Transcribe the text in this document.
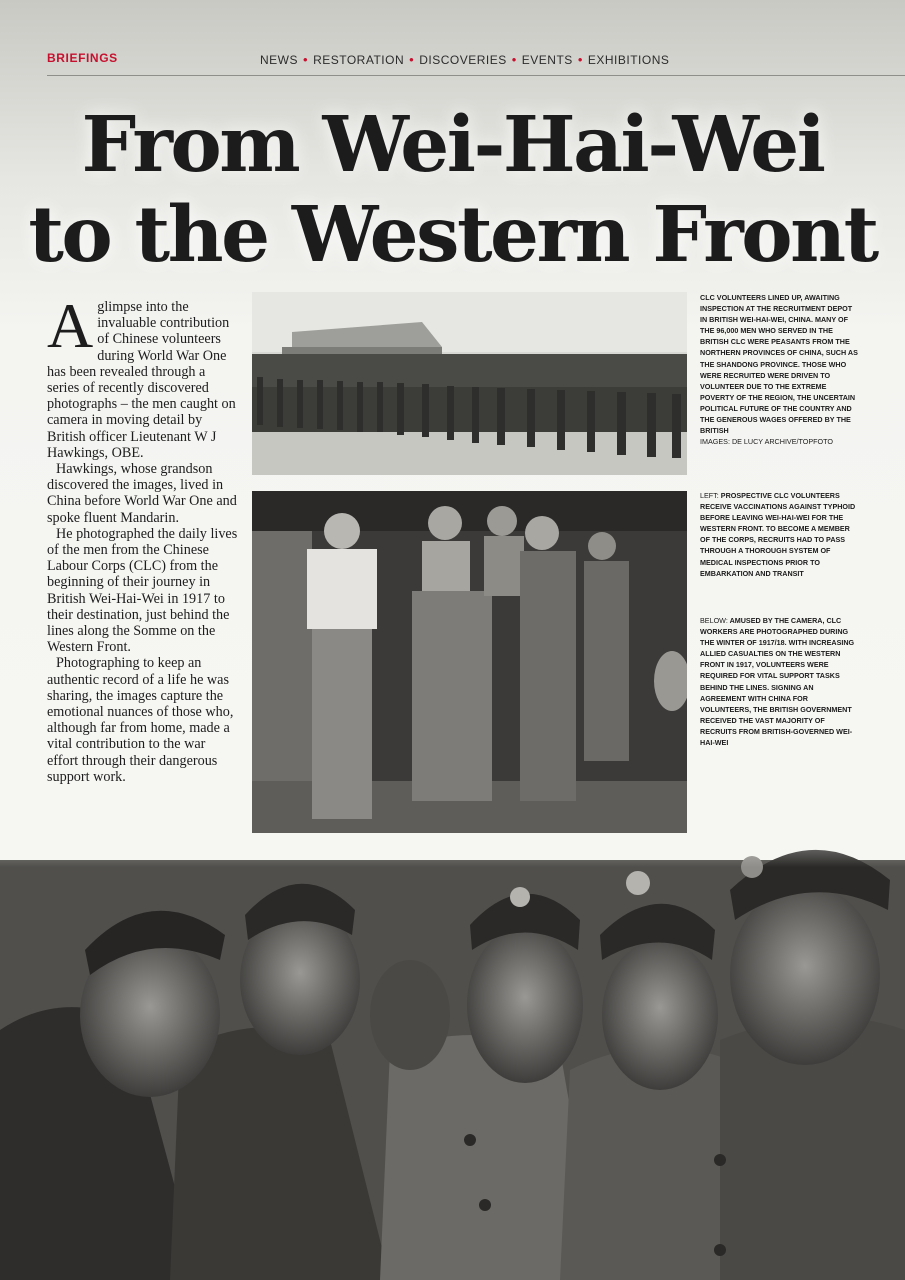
BRIEFINGS	NEWS • RESTORATION • DISCOVERIES • EVENTS • EXHIBITIONS
From Wei-Hai-Wei
to the Western Front

Aglimpse into the invaluable contribution of Chinese volunteers during World War One has been revealed through a series of recently discovered photographs – the men caught on camera in moving detail by British officer Lieutenant W J Hawkings, OBE.

Hawkings, whose grandson discovered the images, lived in China before World War One and spoke fluent Mandarin.

He photographed the daily lives of the men from the Chinese Labour Corps (CLC) from the beginning of their journey in British Wei-Hai-Wei in 1917 to their destination, just behind the lines along the Somme on the Western Front.

Photographing to keep an authentic record of a life he was sharing, the images capture the emotional nuances of those who, although far from home, made a vital contribution to the war effort through their dangerous support work.

CLC VOLUNTEERS LINED UP, AWAITING INSPECTION AT THE RECRUITMENT DEPOT IN BRITISH WEI-HAI-WEI, CHINA. MANY OF THE 96,000 MEN WHO SERVED IN THE BRITISH CLC WERE PEASANTS FROM THE NORTHERN PROVINCES OF CHINA, SUCH AS THE SHANDONG PROVINCE. THOSE WHO WERE RECRUITED WERE DRIVEN TO VOLUNTEER DUE TO THE EXTREME POVERTY OF THE REGION, THE UNCERTAIN POLITICAL FUTURE OF THE COUNTRY AND THE GENEROUS WAGES OFFERED BY THE BRITISH
IMAGES: DE LUCY ARCHIVE/TOPFOTO
LEFT: PROSPECTIVE CLC VOLUNTEERS RECEIVE VACCINATIONS AGAINST TYPHOID BEFORE LEAVING WEI-HAI-WEI FOR THE WESTERN FRONT. TO BECOME A MEMBER OF THE CORPS, RECRUITS HAD TO PASS THROUGH A THOROUGH SYSTEM OF MEDICAL INSPECTIONS PRIOR TO EMBARKATION AND TRANSIT
BELOW: AMUSED BY THE CAMERA, CLC WORKERS ARE PHOTOGRAPHED DURING THE WINTER OF 1917/18. WITH INCREASING ALLIED CASUALTIES ON THE WESTERN FRONT IN 1917, VOLUNTEERS WERE REQUIRED FOR VITAL SUPPORT TASKS BEHIND THE LINES. SIGNING AN AGREEMENT WITH CHINA FOR VOLUNTEERS, THE BRITISH GOVERNMENT RECEIVED THE VAST MAJORITY OF RECRUITS FROM BRITISH-GOVERNED WEI-HAI-WEI
